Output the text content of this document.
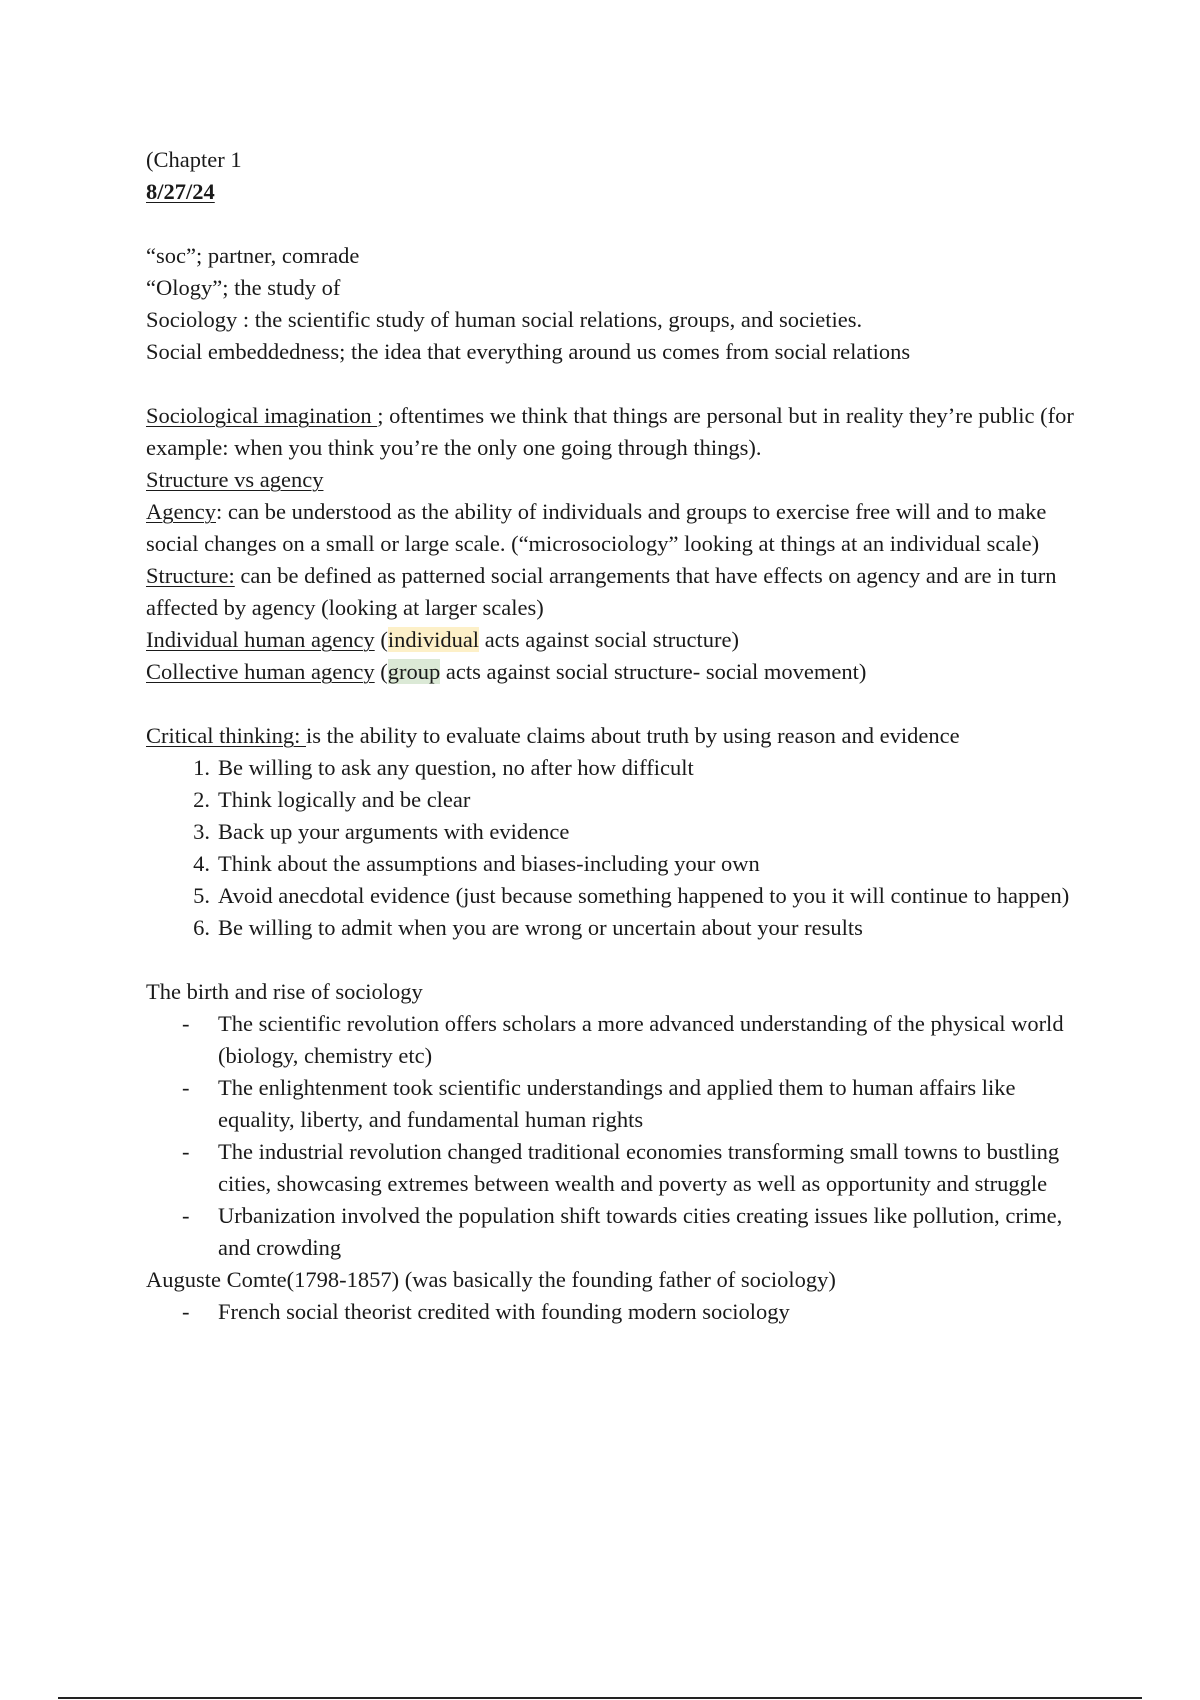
(Chapter 1
8/27/24
“soc”; partner, comrade
“Ology”; the study of
Sociology : the scientific study of human social relations, groups, and societies.
Social embeddedness; the idea that everything around us comes from social relations
Sociological imagination ; oftentimes we think that things are personal but in reality they’re public (for example: when you think you’re the only one going through things).
Structure vs agency
Agency: can be understood as the ability of individuals and groups to exercise free will and to make social changes on a small or large scale. (“microsociology” looking at things at an individual scale)
Structure: can be defined as patterned social arrangements that have effects on agency and are in turn affected by agency (looking at larger scales)
Individual human agency (individual acts against social structure)
Collective human agency (group acts against social structure- social movement)
Critical thinking: is the ability to evaluate claims about truth by using reason and evidence
1. Be willing to ask any question, no after how difficult
2. Think logically and be clear
3. Back up your arguments with evidence
4. Think about the assumptions and biases-including your own
5. Avoid anecdotal evidence (just because something happened to you it will continue to happen)
6. Be willing to admit when you are wrong or uncertain about your results
The birth and rise of sociology
-	The scientific revolution offers scholars a more advanced understanding of the physical world (biology, chemistry etc)
-	The enlightenment took scientific understandings and applied them to human affairs like equality, liberty, and fundamental human rights
-	The industrial revolution changed traditional economies transforming small towns to bustling cities, showcasing extremes between wealth and poverty as well as opportunity and struggle
-	Urbanization involved the population shift towards cities creating issues like pollution, crime, and crowding
Auguste Comte(1798-1857) (was basically the founding father of sociology)
-	French social theorist credited with founding modern sociology
